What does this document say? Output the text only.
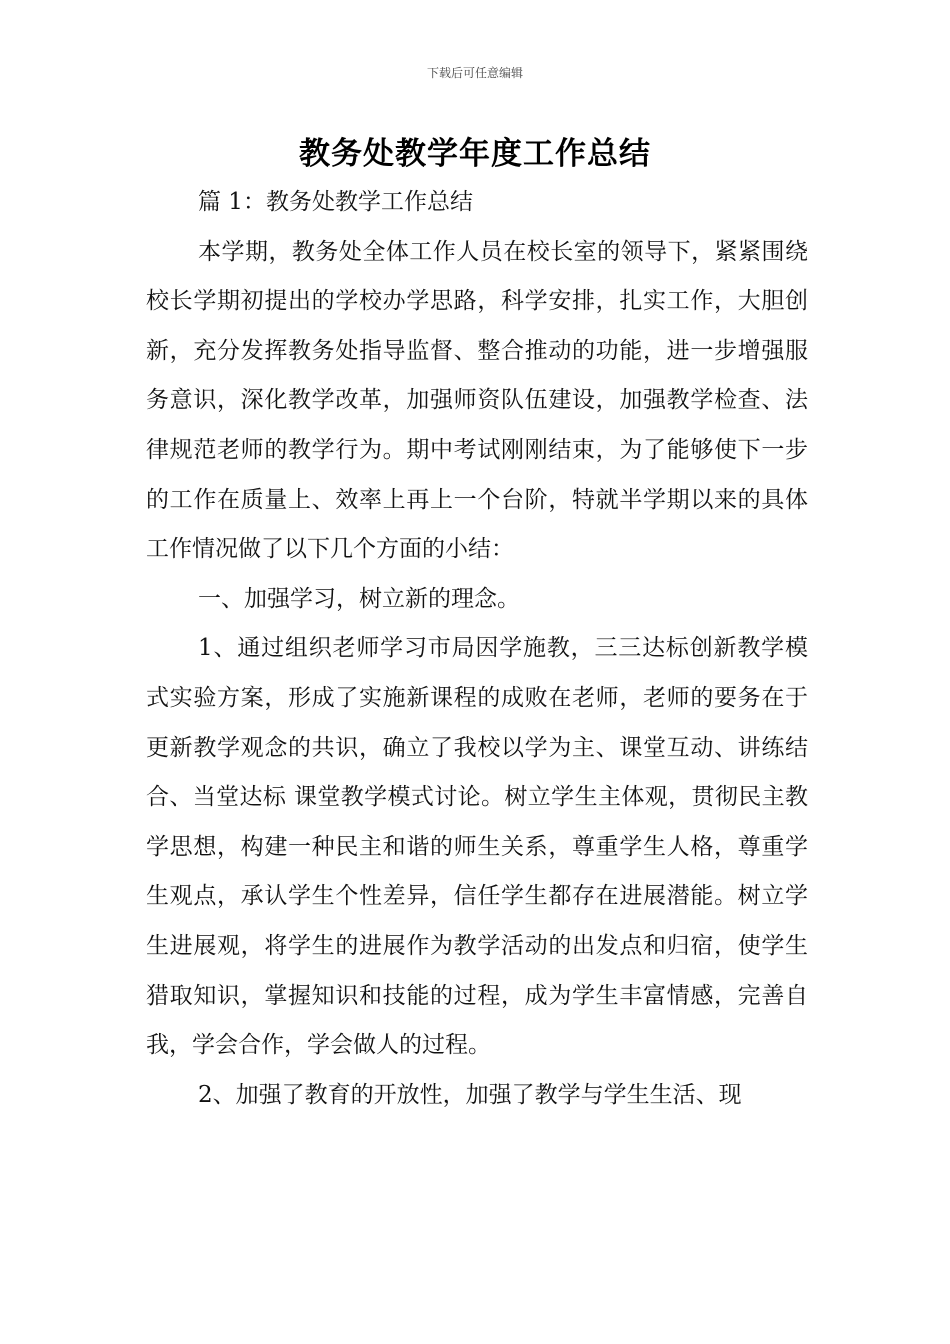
下载后可任意编辑
教务处教学年度工作总结

篇 1：教务处教学工作总结

本学期，教务处全体工作人员在校长室的领导下，紧紧围绕校长学期初提出的学校办学思路，科学安排，扎实工作，大胆创新，充分发挥教务处指导监督、整合推动的功能，进一步增强服务意识，深化教学改革，加强师资队伍建设，加强教学检查、法律规范老师的教学行为。期中考试刚刚结束，为了能够使下一步的工作在质量上、效率上再上一个台阶，特就半学期以来的具体工作情况做了以下几个方面的小结：

一、加强学习，树立新的理念。

1、通过组织老师学习市局因学施教，三三达标创新教学模式实验方案，形成了实施新课程的成败在老师，老师的要务在于更新教学观念的共识，确立了我校以学为主、课堂互动、讲练结合、当堂达标 课堂教学模式讨论。树立学生主体观，贯彻民主教学思想，构建一种民主和谐的师生关系，尊重学生人格，尊重学生观点，承认学生个性差异，信任学生都存在进展潜能。树立学生进展观，将学生的进展作为教学活动的出发点和归宿，使学生猎取知识，掌握知识和技能的过程，成为学生丰富情感，完善自我，学会合作，学会做人的过程。

2、加强了教育的开放性，加强了教学与学生生活、现
